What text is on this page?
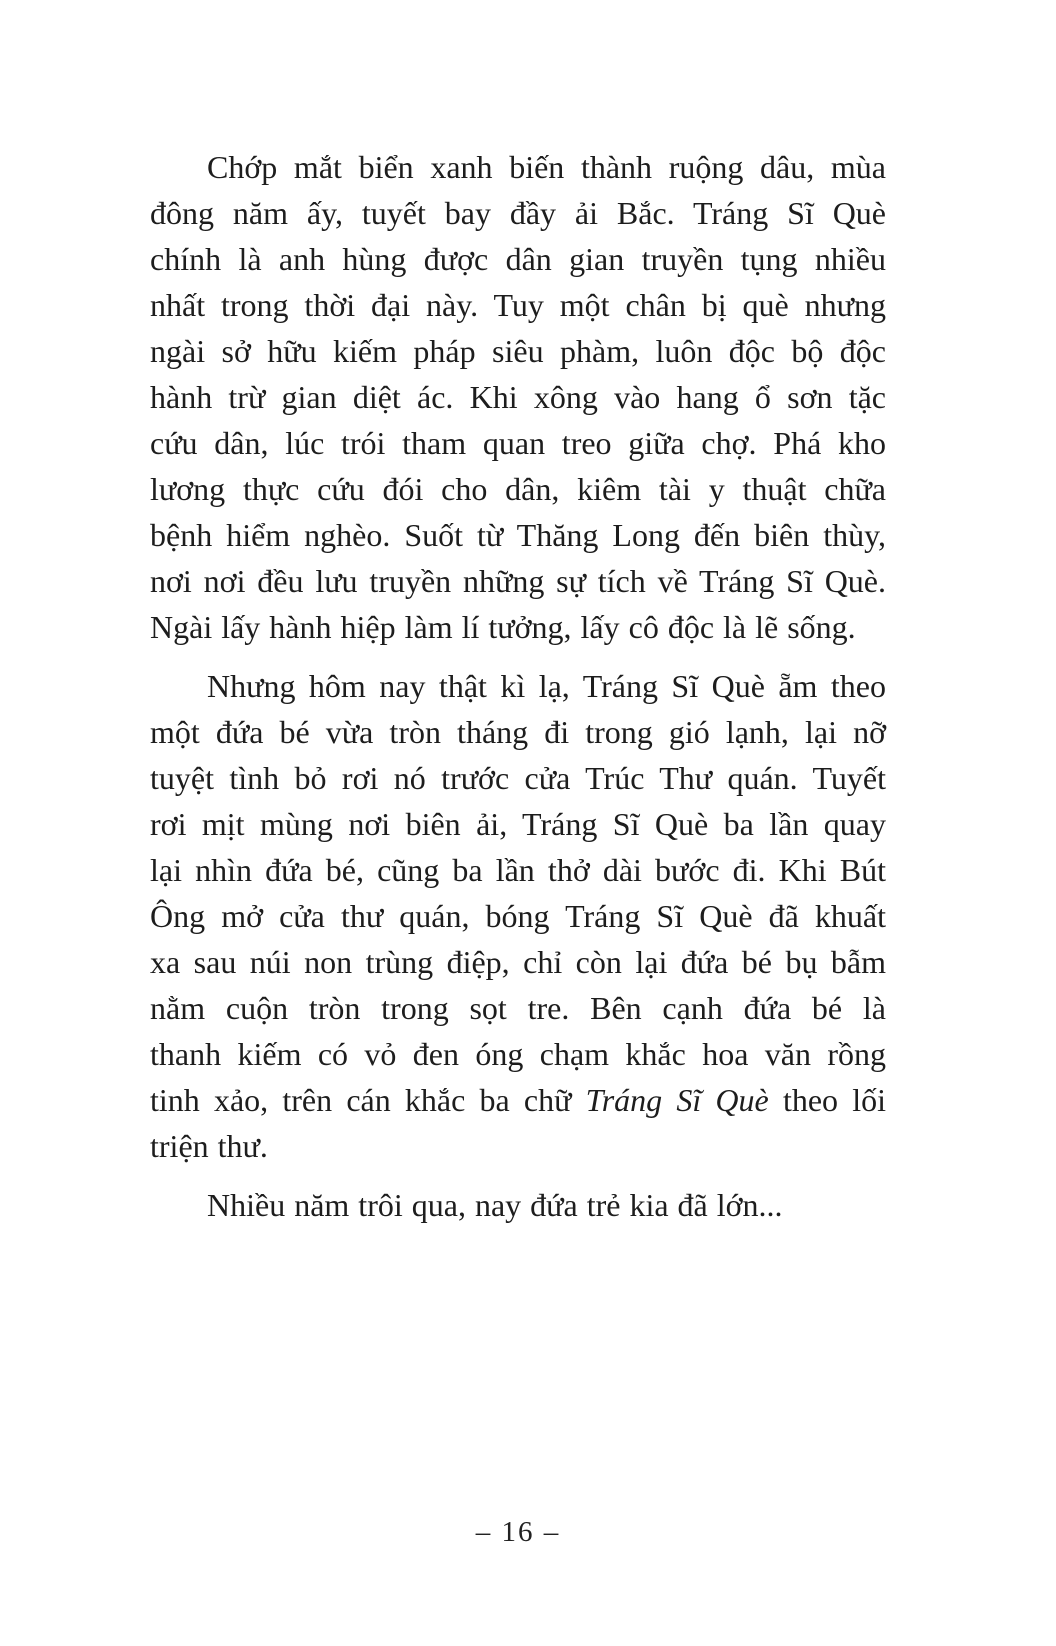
Chớp mắt biển xanh biến thành ruộng dâu, mùa
đông năm ấy, tuyết bay đầy ải Bắc. Tráng Sĩ Què
chính là anh hùng được dân gian truyền tụng nhiều
nhất trong thời đại này. Tuy một chân bị què nhưng
ngài sở hữu kiếm pháp siêu phàm, luôn độc bộ độc
hành trừ gian diệt ác. Khi xông vào hang ổ sơn tặc
cứu dân, lúc trói tham quan treo giữa chợ. Phá kho
lương thực cứu đói cho dân, kiêm tài y thuật chữa
bệnh hiểm nghèo. Suốt từ Thăng Long đến biên thùy,
nơi nơi đều lưu truyền những sự tích về Tráng Sĩ Què.
Ngài lấy hành hiệp làm lí tưởng, lấy cô độc là lẽ sống.
Nhưng hôm nay thật kì lạ, Tráng Sĩ Què ẵm theo
một đứa bé vừa tròn tháng đi trong gió lạnh, lại nỡ
tuyệt tình bỏ rơi nó trước cửa Trúc Thư quán. Tuyết
rơi mịt mùng nơi biên ải, Tráng Sĩ Què ba lần quay
lại nhìn đứa bé, cũng ba lần thở dài bước đi. Khi Bút
Ông mở cửa thư quán, bóng Tráng Sĩ Què đã khuất
xa sau núi non trùng điệp, chỉ còn lại đứa bé bụ bẫm
nằm cuộn tròn trong sọt tre. Bên cạnh đứa bé là
thanh kiếm có vỏ đen óng chạm khắc hoa văn rồng
tinh xảo, trên cán khắc ba chữ Tráng Sĩ Què theo lối
triện thư.
Nhiều năm trôi qua, nay đứa trẻ kia đã lớn...
– 16 –
